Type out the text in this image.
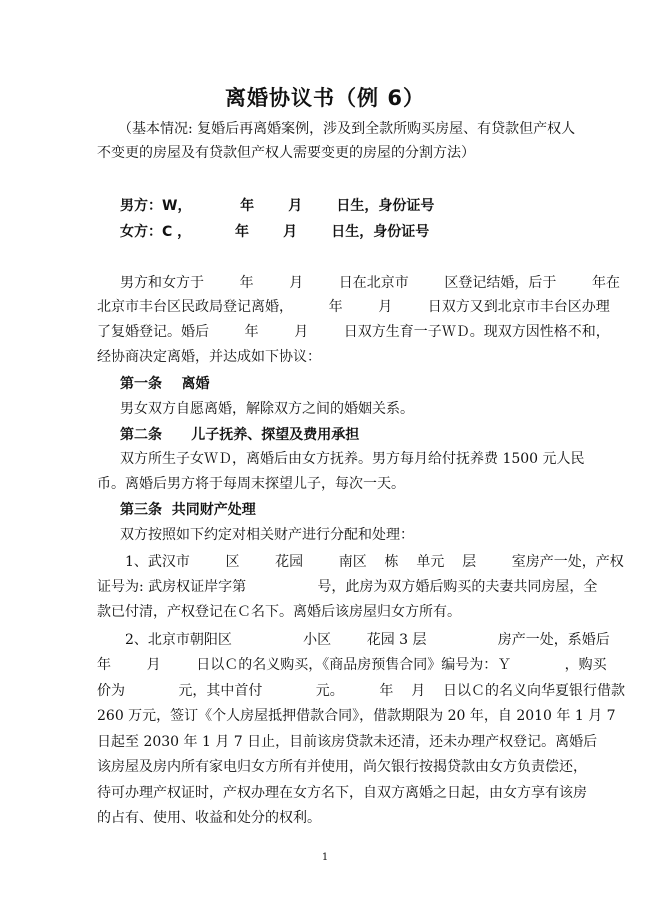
离婚协议书（例 6）
（基本情况: 复婚后再离婚案例，涉及到全款所购买房屋、有贷款但产权人
不变更的房屋及有贷款但产权人需要变更的房屋的分割方法）
男方：W，          年       月       日生，身份证号
女方：C ，         年       月       日生，身份证号
男方和女方于        年        月        日在北京市        区登记结婚，后于        年在
北京市丰台区民政局登记离婚，        年        月        日双方又到北京市丰台区办理
了复婚登记。婚后        年        月        日双方生育一子ＷＤ。现双方因性格不和，
经协商决定离婚，并达成如下协议：
第一条    离婚
男女双方自愿离婚，解除双方之间的婚姻关系。
第二条      儿子抚养、探望及费用承担
双方所生子女ＷＤ，离婚后由女方抚养。男方每月给付抚养费 1500 元人民
币。离婚后男方将于每周末探望儿子，每次一天。
第三条  共同财产处理
双方按照如下约定对相关财产进行分配和处理：
1、武汉市        区        花园        南区    栋    单元    层        室房产一处，产权
证号为: 武房权证岸字第                号，此房为双方婚后购买的夫妻共同房屋，全
款已付清，产权登记在Ｃ名下。离婚后该房屋归女方所有。
2、北京市朝阳区                小区        花园 3 层                房产一处，系婚后
年        月        日以Ｃ的名义购买，《商品房预售合同》编号为：Ｙ            ，购买
价为            元，其中首付            元。        年    月    日以Ｃ的名义向华夏银行借款
260 万元，签订《个人房屋抵押借款合同》，借款期限为 20 年，自 2010 年 1 月 7
日起至 2030 年 1 月 7 日止，目前该房贷款未还清，还未办理产权登记。离婚后
该房屋及房内所有家电归女方所有并使用，尚欠银行按揭贷款由女方负责偿还，
待可办理产权证时，产权办理在女方名下，自双方离婚之日起，由女方享有该房
的占有、使用、收益和处分的权利。
1
